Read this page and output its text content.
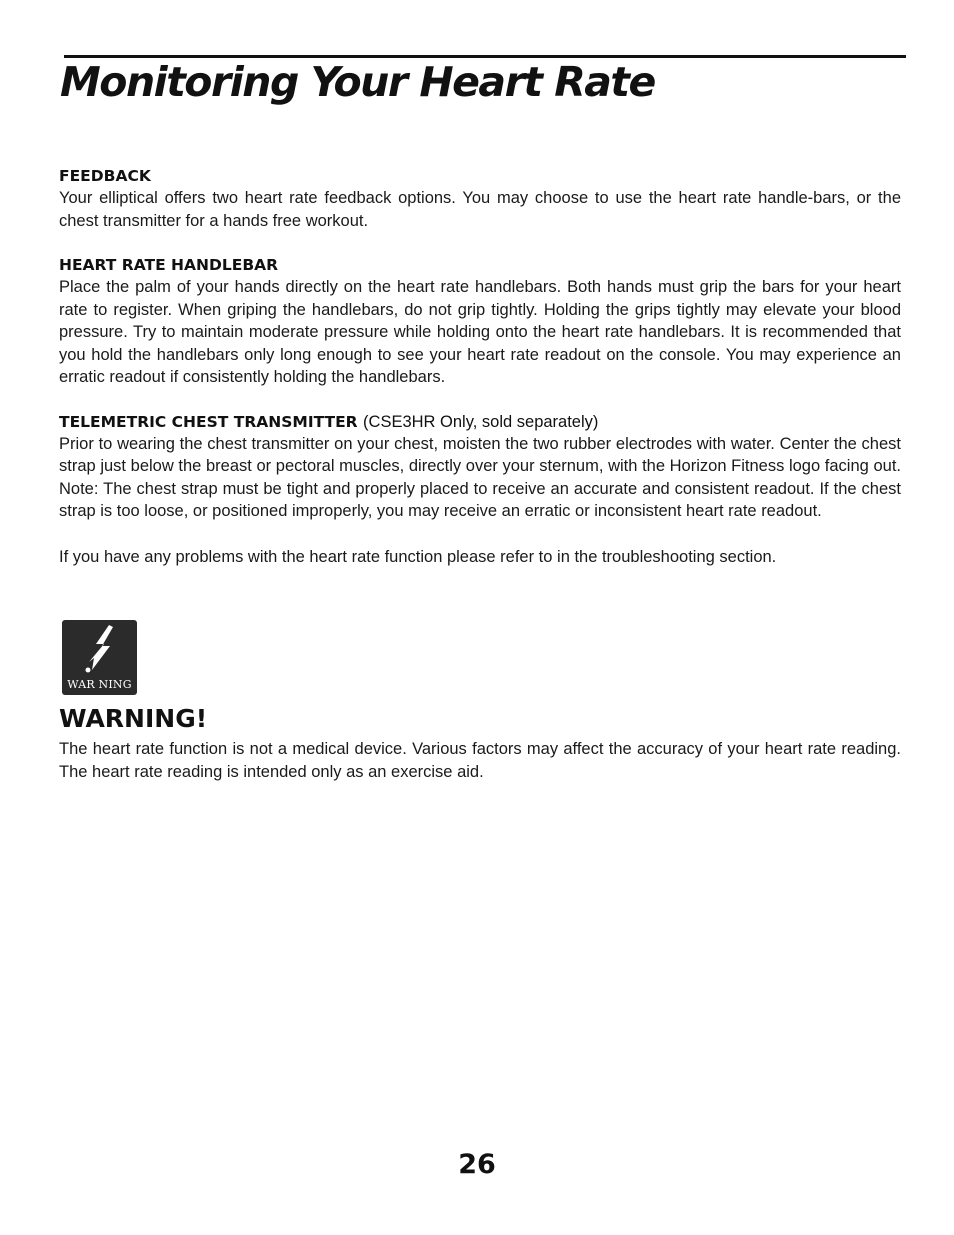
Monitoring Your Heart Rate

FEEDBACK

Your elliptical offers two heart rate feedback options. You may choose to use the heart rate handle-bars, or the chest transmitter for a hands free workout.

HEART RATE HANDLEBAR

Place the palm of your hands directly on the heart rate handlebars. Both hands must grip the bars for your heart rate to register. When griping the handlebars, do not grip tightly. Holding the grips tightly may elevate your blood pressure. Try to maintain moderate pressure while holding onto the heart rate handlebars. It is recommended that you hold the handlebars only long enough to see your heart rate readout on the console. You may experience an erratic readout if consistently holding the handlebars.

TELEMETRIC CHEST TRANSMITTER (CSE3HR Only, sold separately)

Prior to wearing the chest transmitter on your chest, moisten the two rubber electrodes with water. Center the chest strap just below the breast or pectoral muscles, directly over your sternum, with the Horizon Fitness logo facing out. Note: The chest strap must be tight and properly placed to receive an accurate and consistent readout. If the chest strap is too loose, or positioned improperly, you may receive an erratic or inconsistent heart rate readout.

If you have any problems with the heart rate function please refer to in the troubleshooting section.

WAR NING

WARNING!

The heart rate function is not a medical device. Various factors may affect the accuracy of your heart rate reading. The heart rate reading is intended only as an exercise aid.

26
